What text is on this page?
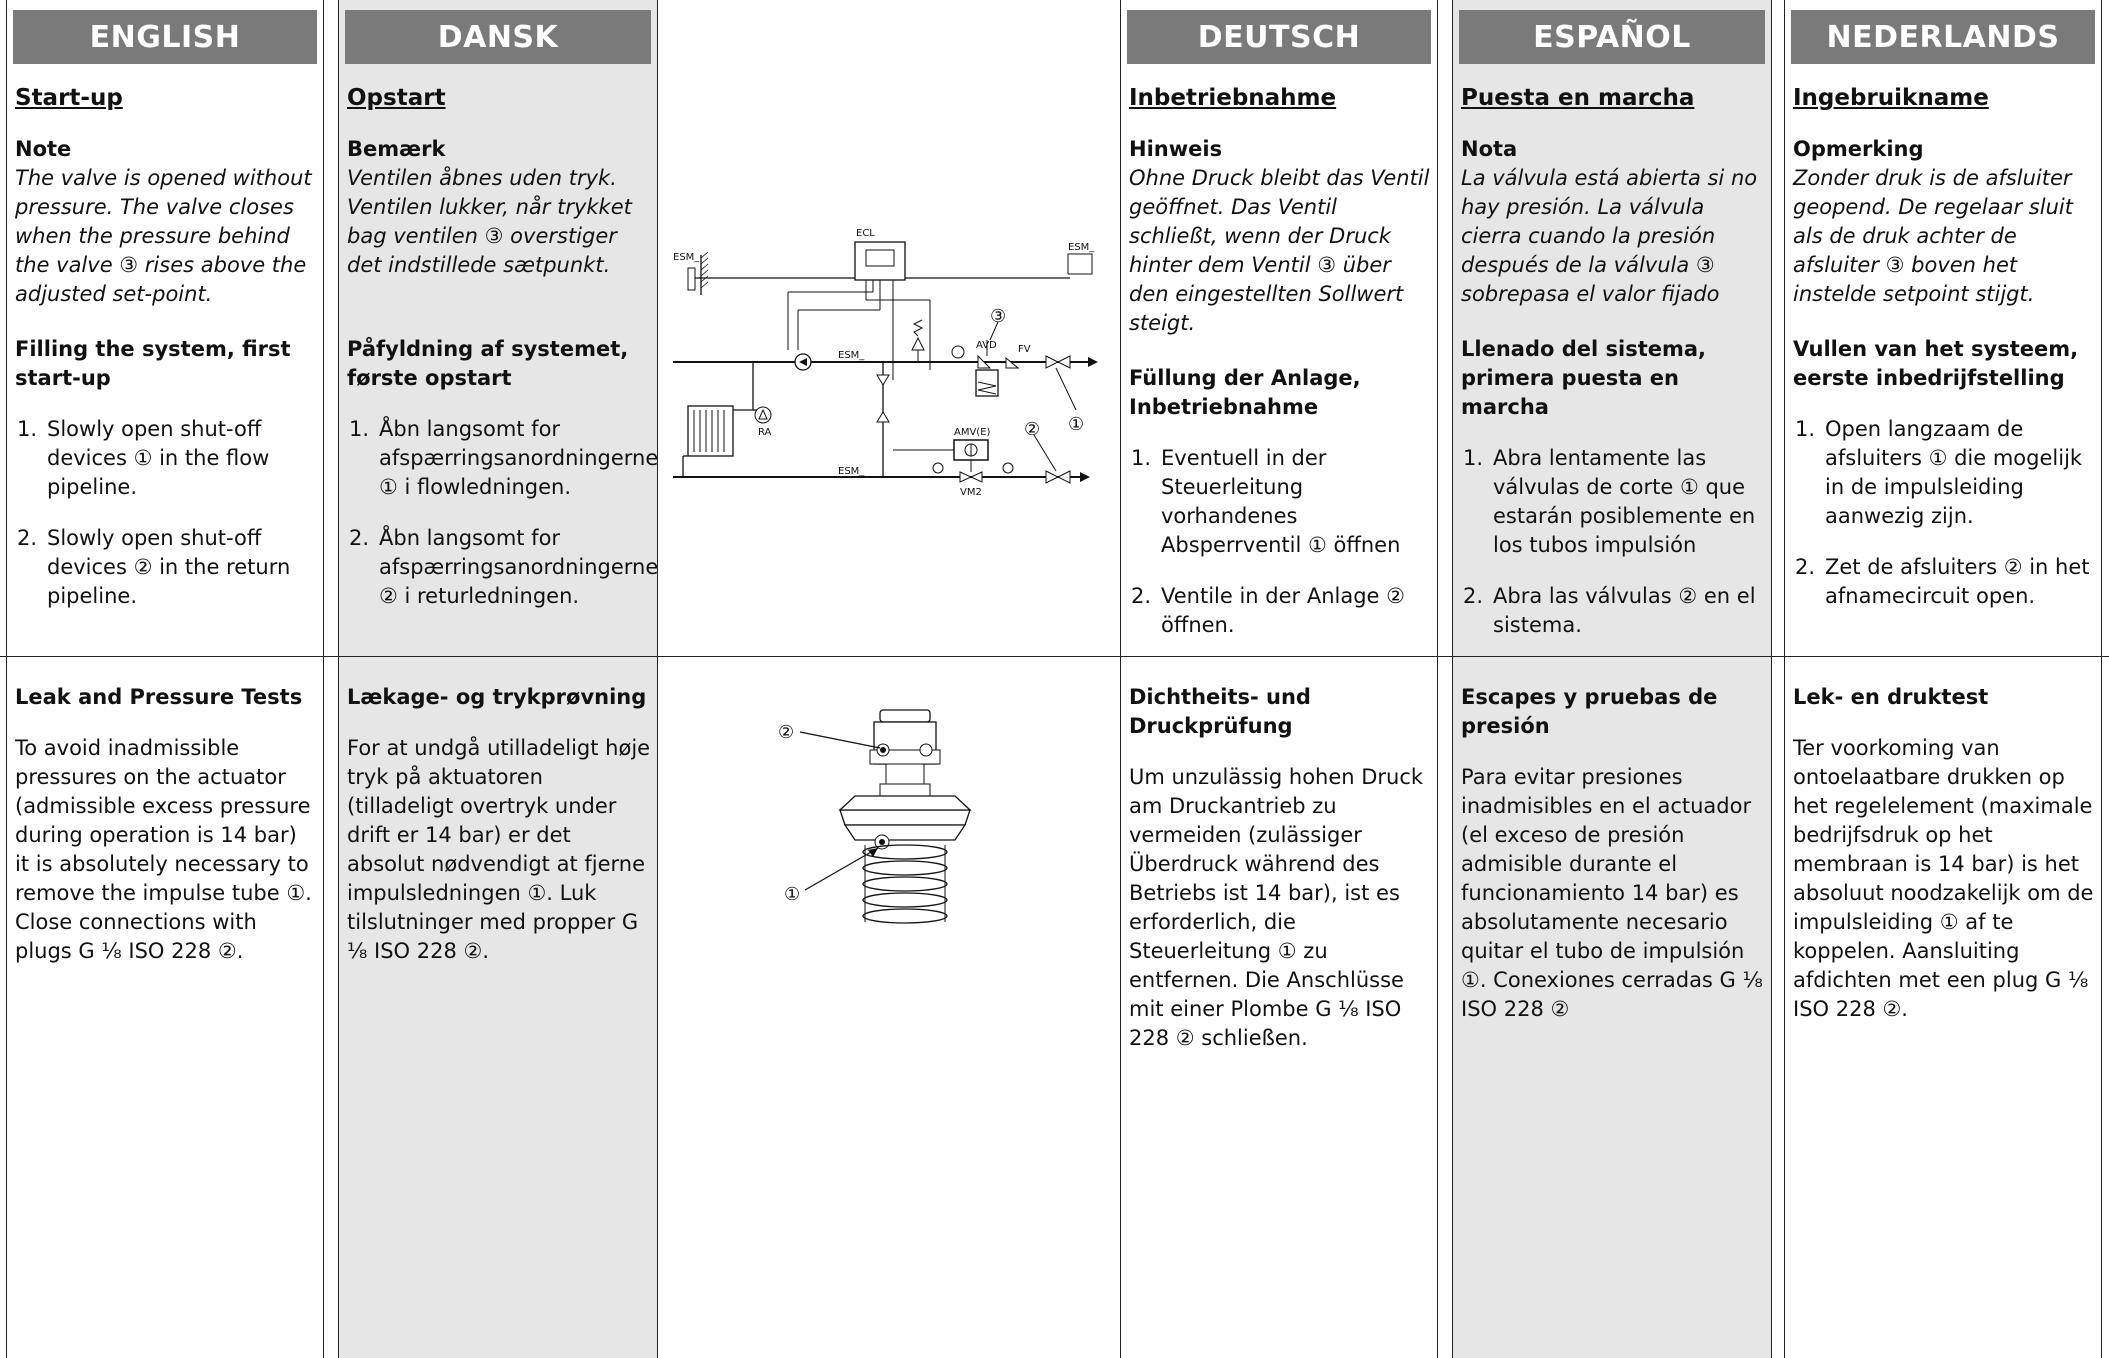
ENGLISH
Start-up
Note
The valve is opened without pressure. The valve closes when the pressure behind the valve ③ rises above the adjusted set-point.
Filling the system, first start-up
1. Slowly open shut-off devices ① in the flow pipeline.
2. Slowly open shut-off devices ② in the return pipeline.
Leak and Pressure Tests
To avoid inadmissible pressures on the actuator (admissible excess pressure during operation is 14 bar) it is absolutely necessary to remove the impulse tube ①. Close connections with plugs G ¹⁄₈ ISO 228 ②.
DANSK
Opstart
Bemærk
Ventilen åbnes uden tryk. Ventilen lukker, når trykket bag ventilen ③ overstiger det indstillede sætpunkt.
Påfyldning af systemet, første opstart
1. Åbn langsomt for afspærringsanordningerne ① i flowledningen.
2. Åbn langsomt for afspærringsanordningerne ② i returledningen.
Lækage- og trykprøvning
For at undgå utilladeligt høje tryk på aktuatoren (tilladeligt overtryk under drift er 14 bar) er det absolut nødvendigt at fjerne impulsledningen ①. Luk tilslutninger med propper G ¹⁄₈ ISO 228 ②.
ESM_
ESM_
ECL
RA
ESM_
ESM_
AVD
③
FV
①
AMV(E)
VM2
②
②
①
DEUTSCH
Inbetriebnahme
Hinweis
Ohne Druck bleibt das Ventil geöffnet. Das Ventil schließt, wenn der Druck hinter dem Ventil ③ über den eingestellten Sollwert steigt.
Füllung der Anlage, Inbetriebnahme
1. Eventuell in der Steuerleitung vorhandenes Absperrventil ① öffnen
2. Ventile in der Anlage ② öffnen.
Dichtheits- und Druckprüfung
Um unzulässig hohen Druck am Druckantrieb zu vermeiden (zulässiger Überdruck während des Betriebs ist 14 bar), ist es erforderlich, die Steuerleitung ① zu entfernen. Die Anschlüsse mit einer Plombe G ¹⁄₈ ISO 228 ② schließen.
ESPAÑOL
Puesta en marcha
Nota
La válvula está abierta si no hay presión. La válvula cierra cuando la presión después de la válvula ③ sobrepasa el valor fijado
Llenado del sistema, primera puesta en marcha
1. Abra lentamente las válvulas de corte ① que estarán posiblemente en los tubos impulsión
2. Abra las válvulas ② en el sistema.
Escapes y pruebas de presión
Para evitar presiones inadmisibles en el actuador (el exceso de presión admisible durante el funcionamiento 14 bar) es absolutamente necesario quitar el tubo de impulsión ①. Conexiones cerradas G ¹⁄₈ ISO 228 ②
NEDERLANDS
Ingebruikname
Opmerking
Zonder druk is de afsluiter geopend. De regelaar sluit als de druk achter de afsluiter ③ boven het instelde setpoint stijgt.
Vullen van het systeem, eerste inbedrijfstelling
1. Open langzaam de afsluiters ① die mogelijk in de impulsleiding aanwezig zijn.
2. Zet de afsluiters ② in het afnamecircuit open.
Lek- en druktest
Ter voorkoming van ontoelaatbare drukken op het regelelement (maximale bedrijfsdruk op het membraan is 14 bar) is het absoluut noodzakelijk om de impulsleiding ① af te koppelen. Aansluiting afdichten met een plug G ¹⁄₈ ISO 228 ②.
